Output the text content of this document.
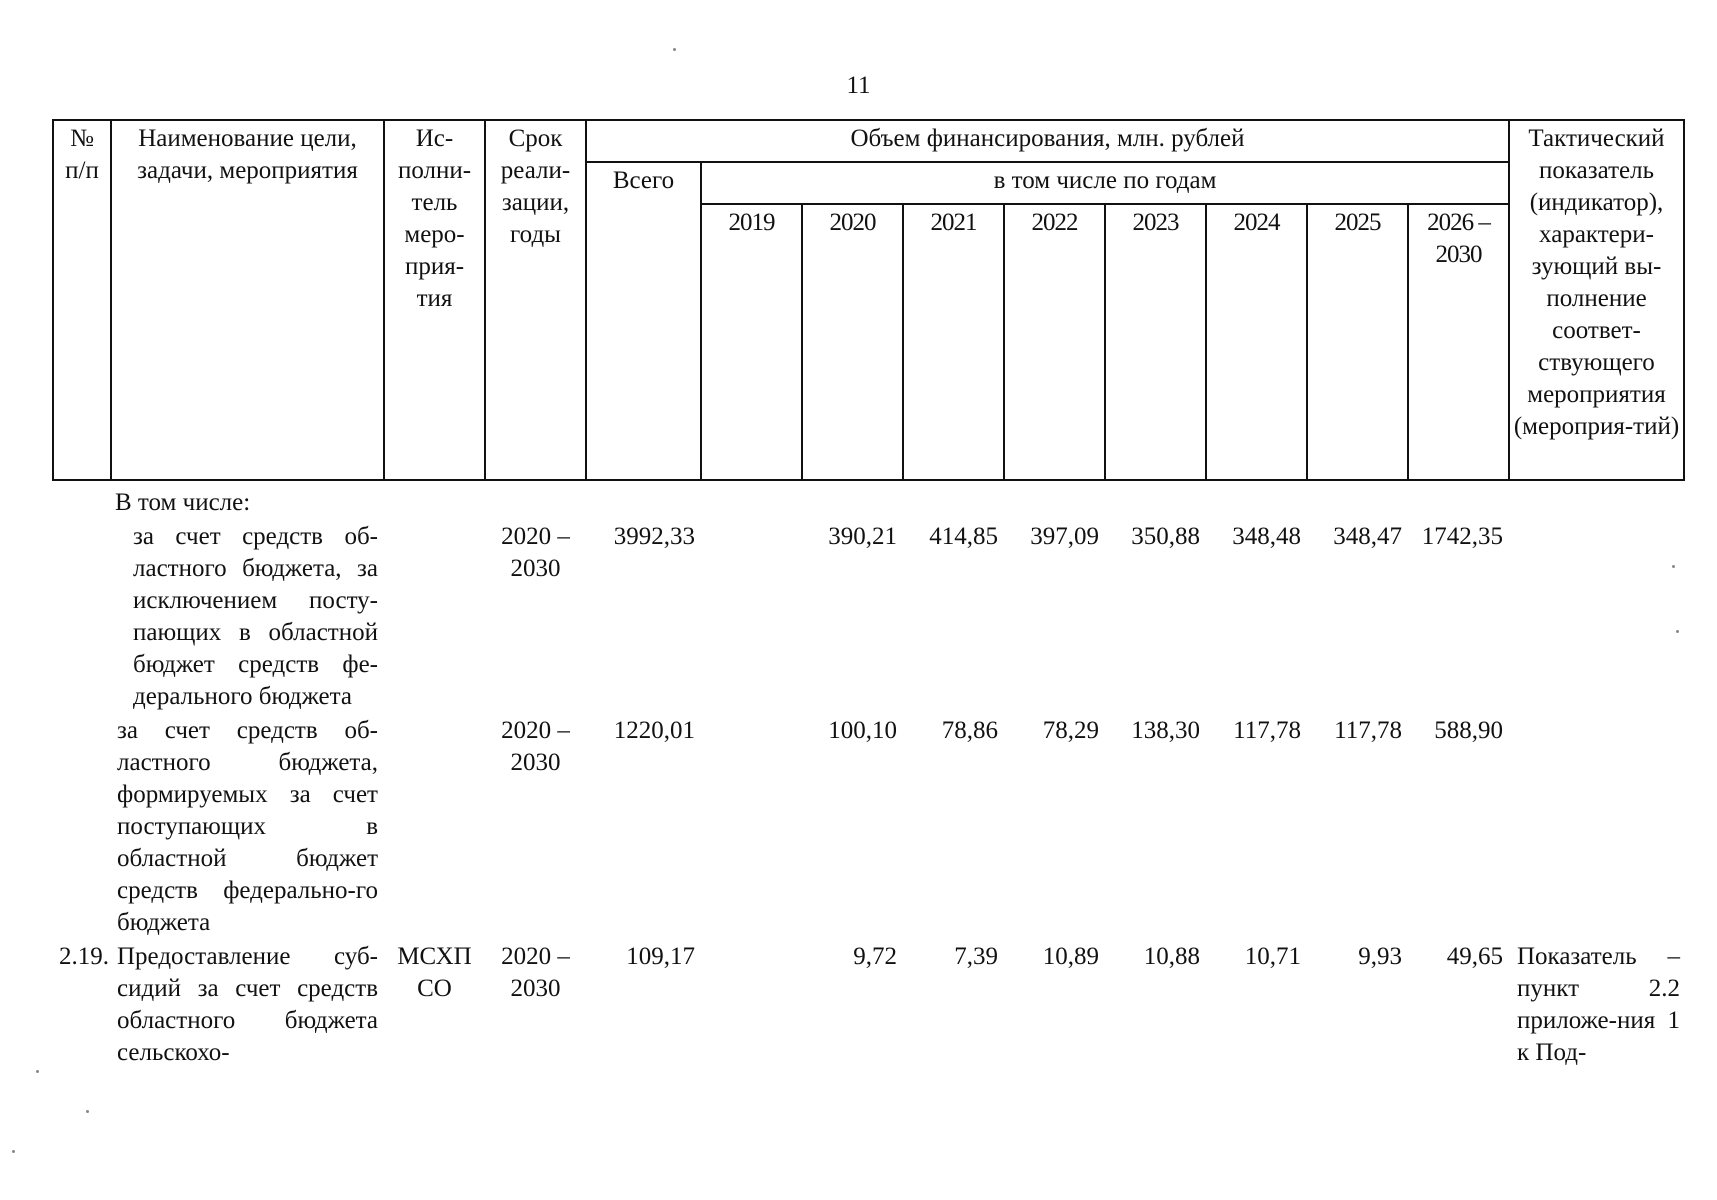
11
№ п/п	Наименование цели, задачи, мероприятия	Ис-полни-тель меро-прия-тия	Срок реали-зации, годы	Объем финансирования, млн. рублей									Тактический показатель (индикатор), характери-зующий вы-полнение соответ-ствующего мероприятия (мероприя-тий)
				Всего	в том числе по годам								
					2019	2020	2021	2022	2023	2024	2025	2026 – 2030	
В том числе:													
	за счет средств об-ластного бюджета, за исключением посту-пающих в областной бюджет средств фе-дерального бюджета		2020 – 2030	3992,33		390,21	414,85	397,09	350,88	348,48	348,47	1742,35	
	за счет средств об-ластного бюджета, формируемых за счет поступающих в областной бюджет средств федерально-го бюджета		2020 – 2030	1220,01		100,10	78,86	78,29	138,30	117,78	117,78	588,90	
2.19.	Предоставление суб-сидий за счет средств областного бюджета сельскохо-	МСХП СО	2020 – 2030	109,17		9,72	7,39	10,89	10,88	10,71	9,93	49,65	Показатель – пункт 2.2 приложе-ния 1 к Под-
